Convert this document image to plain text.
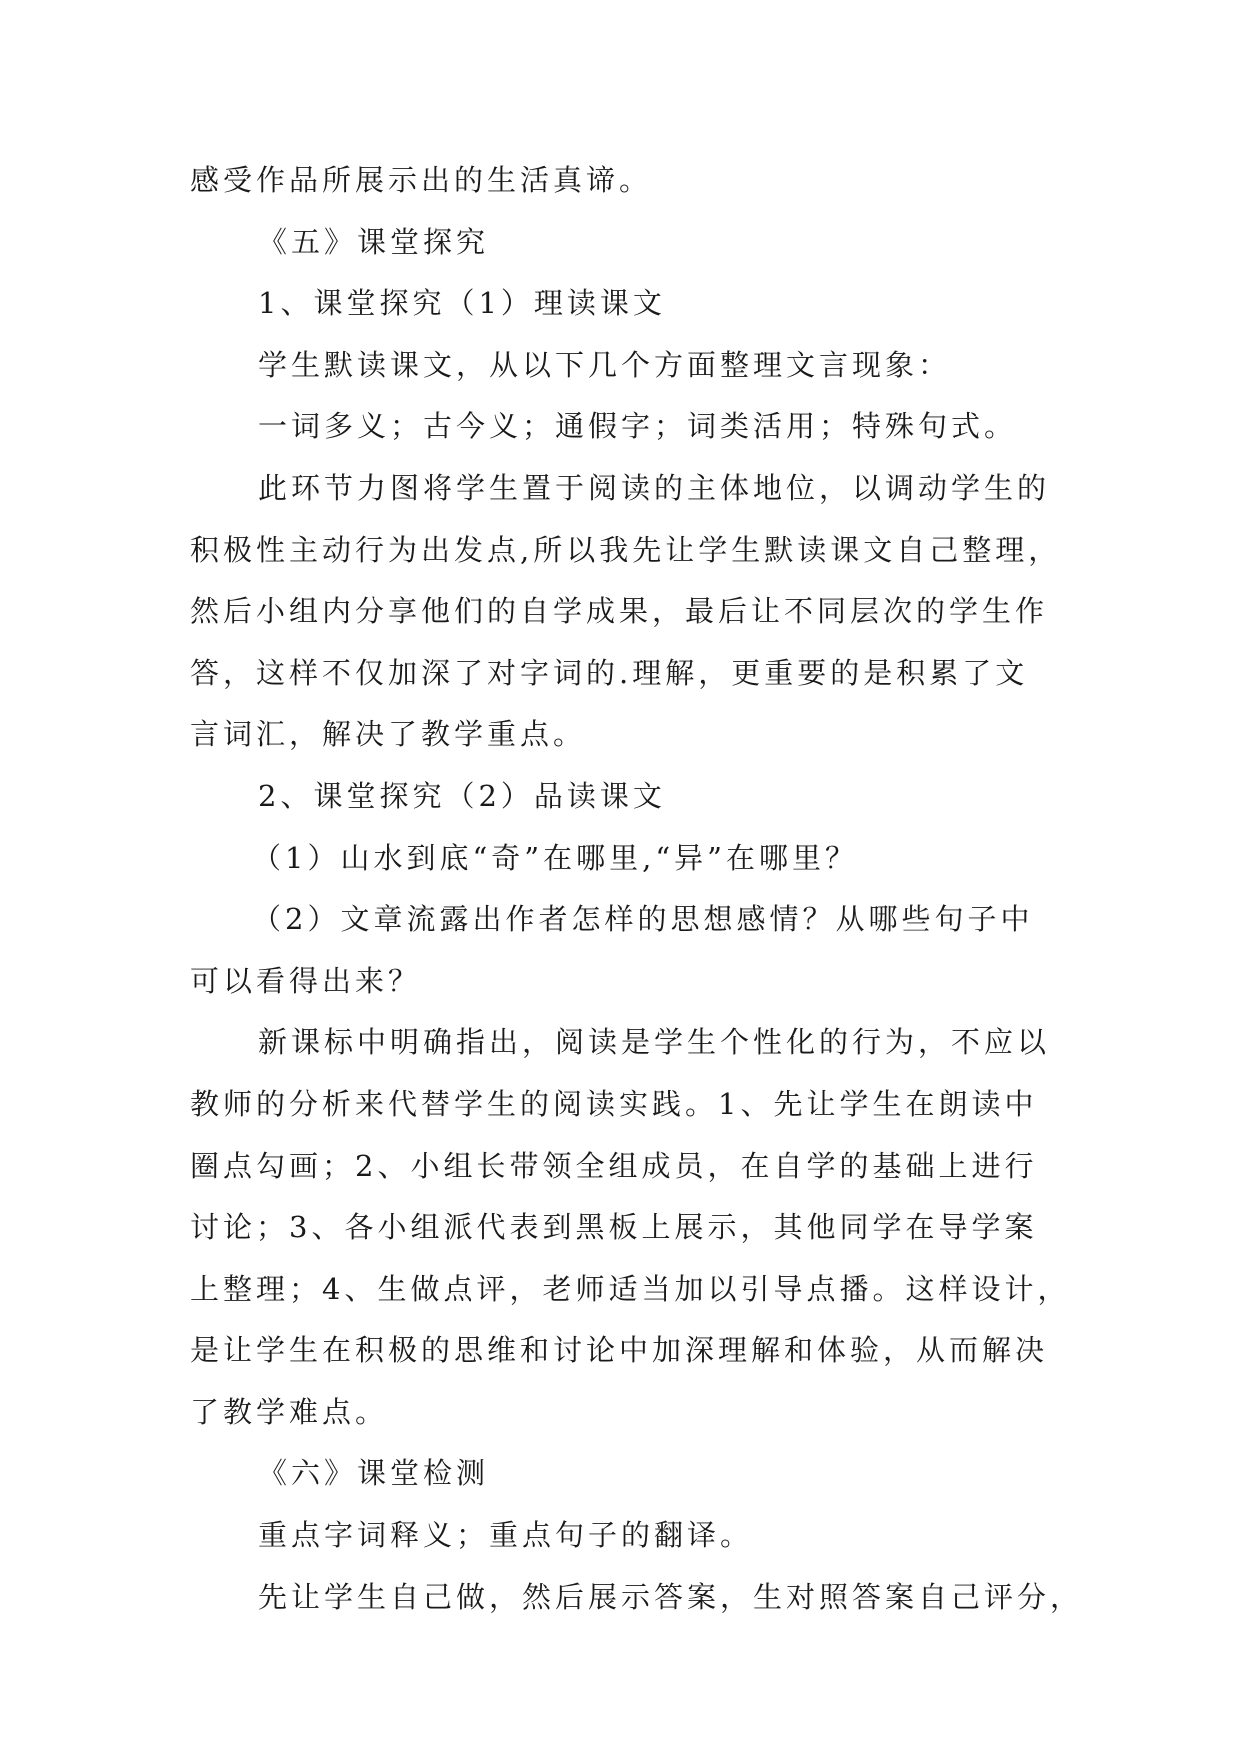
感受作品所展示出的生活真谛。
《五》课堂探究
1、课堂探究（1）理读课文
学生默读课文，从以下几个方面整理文言现象：
一词多义；古今义；通假字；词类活用；特殊句式。
此环节力图将学生置于阅读的主体地位，以调动学生的
积极性主动行为出发点,所以我先让学生默读课文自己整理，
然后小组内分享他们的自学成果，最后让不同层次的学生作
答，这样不仅加深了对字词的.理解，更重要的是积累了文
言词汇，解决了教学重点。
2、课堂探究（2）品读课文
（1）山水到底“奇”在哪里,“异”在哪里？
（2）文章流露出作者怎样的思想感情？从哪些句子中
可以看得出来？
新课标中明确指出，阅读是学生个性化的行为，不应以
教师的分析来代替学生的阅读实践。1、先让学生在朗读中
圈点勾画；2、小组长带领全组成员，在自学的基础上进行
讨论；3、各小组派代表到黑板上展示，其他同学在导学案
上整理；4、生做点评，老师适当加以引导点播。这样设计，
是让学生在积极的思维和讨论中加深理解和体验，从而解决
了教学难点。
《六》课堂检测
重点字词释义；重点句子的翻译。
先让学生自己做，然后展示答案，生对照答案自己评分，
